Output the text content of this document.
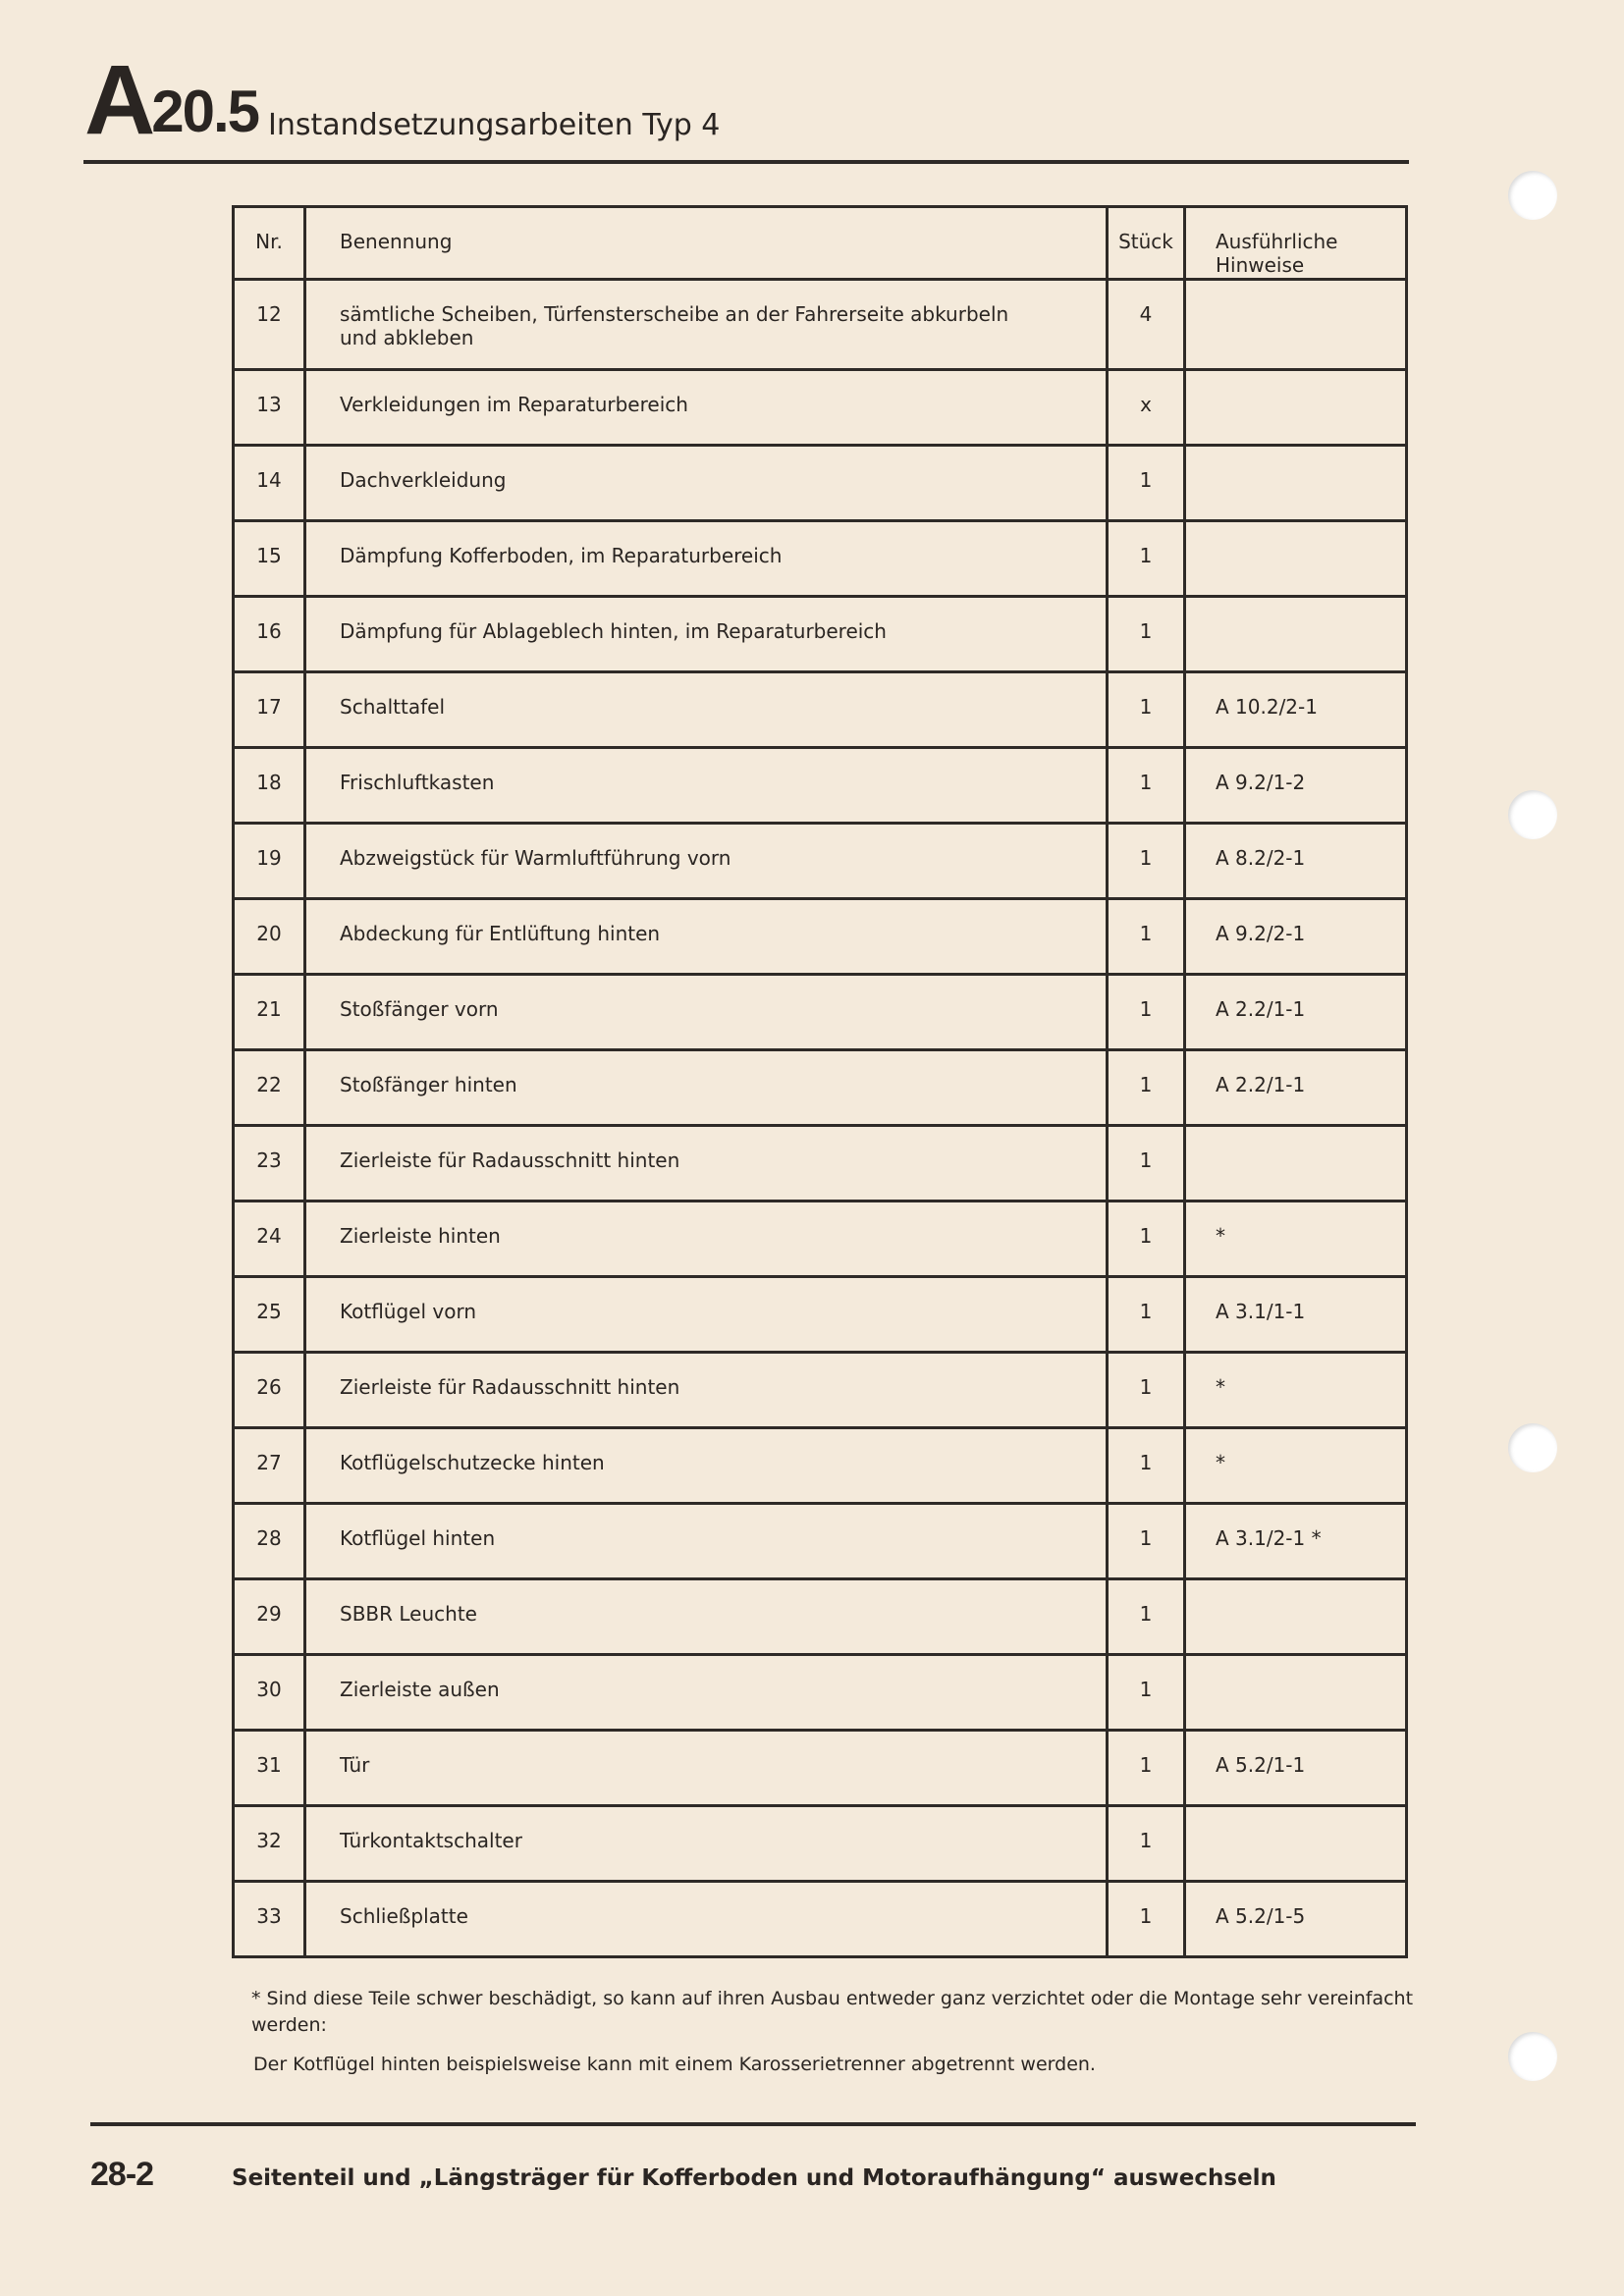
A 20.5 Instandsetzungsarbeiten Typ 4
Nr.	Benennung	Stück	Ausführliche Hinweise
12	sämtliche Scheiben, Türfensterscheibe an der Fahrerseite abkurbeln und abkleben	4	
13	Verkleidungen im Reparaturbereich	x	
14	Dachverkleidung	1	
15	Dämpfung Kofferboden, im Reparaturbereich	1	
16	Dämpfung für Ablageblech hinten, im Reparaturbereich	1	
17	Schalttafel	1	A 10.2/2-1
18	Frischluftkasten	1	A 9.2/1-2
19	Abzweigstück für Warmluftführung vorn	1	A 8.2/2-1
20	Abdeckung für Entlüftung hinten	1	A 9.2/2-1
21	Stoßfänger vorn	1	A 2.2/1-1
22	Stoßfänger hinten	1	A 2.2/1-1
23	Zierleiste für Radausschnitt hinten	1	
24	Zierleiste hinten	1	*
25	Kotflügel vorn	1	A 3.1/1-1
26	Zierleiste für Radausschnitt hinten	1	*
27	Kotflügelschutzecke hinten	1	*
28	Kotflügel hinten	1	A 3.1/2-1 *
29	SBBR Leuchte	1	
30	Zierleiste außen	1	
31	Tür	1	A 5.2/1-1
32	Türkontaktschalter	1	
33	Schließplatte	1	A 5.2/1-5
* Sind diese Teile schwer beschädigt, so kann auf ihren Ausbau entweder ganz verzichtet oder die Montage sehr vereinfacht werden:
Der Kotflügel hinten beispielsweise kann mit einem Karosserietrenner abgetrennt werden.
28-2	Seitenteil und „Längsträger für Kofferboden und Motoraufhängung“ auswechseln
